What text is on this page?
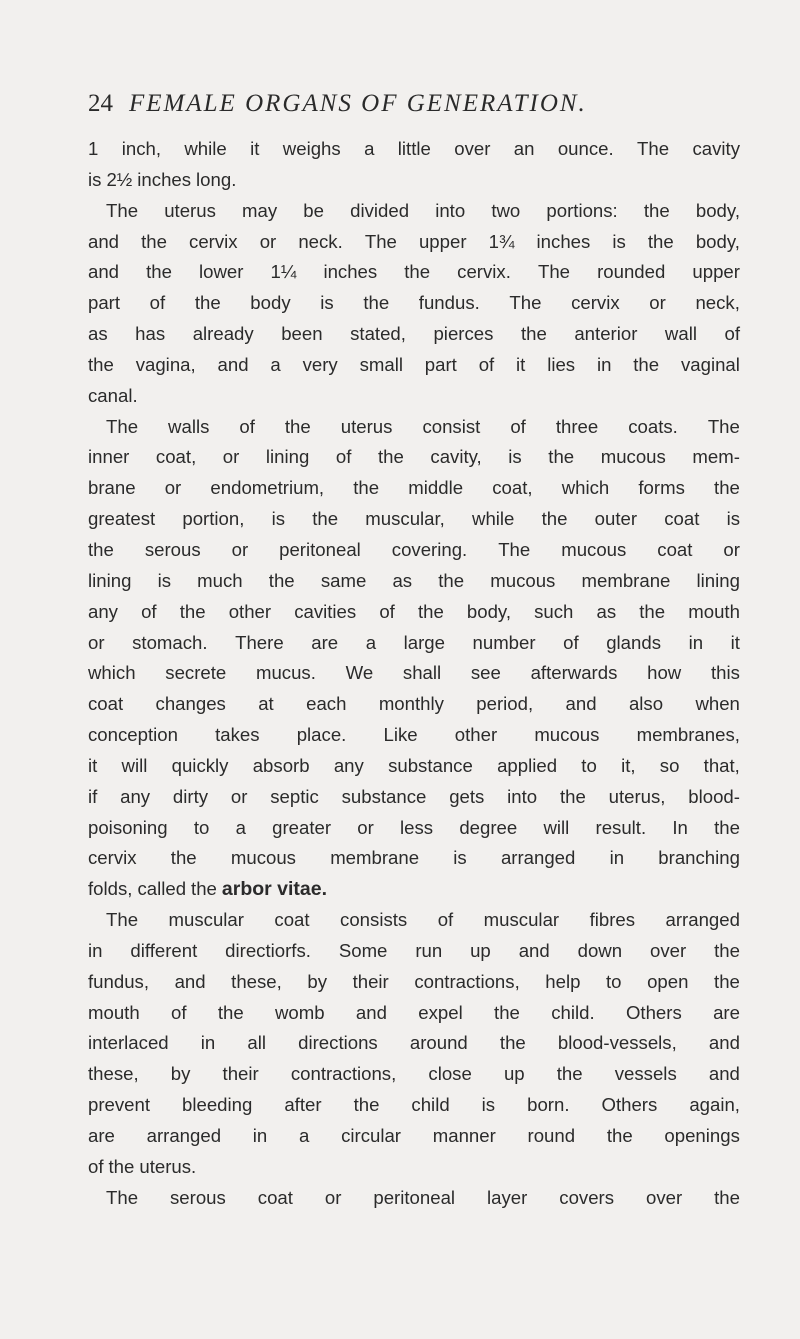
24 FEMALE ORGANS OF GENERATION.
1 inch, while it weighs a little over an ounce. The cavity
is 2½ inches long.
The uterus may be divided into two portions: the body,
and the cervix or neck. The upper 1¾ inches is the body,
and the lower 1¼ inches the cervix. The rounded upper
part of the body is the fundus. The cervix or neck,
as has already been stated, pierces the anterior wall of
the vagina, and a very small part of it lies in the vaginal
canal.
The walls of the uterus consist of three coats. The
inner coat, or lining of the cavity, is the mucous mem-
brane or endometrium, the middle coat, which forms the
greatest portion, is the muscular, while the outer coat is
the serous or peritoneal covering. The mucous coat or
lining is much the same as the mucous membrane lining
any of the other cavities of the body, such as the mouth
or stomach. There are a large number of glands in it
which secrete mucus. We shall see afterwards how this
coat changes at each monthly period, and also when
conception takes place. Like other mucous membranes,
it will quickly absorb any substance applied to it, so that,
if any dirty or septic substance gets into the uterus, blood-
poisoning to a greater or less degree will result. In the
cervix the mucous membrane is arranged in branching
folds, called the arbor vitae.
The muscular coat consists of muscular fibres arranged
in different directiorfs. Some run up and down over the
fundus, and these, by their contractions, help to open the
mouth of the womb and expel the child. Others are
interlaced in all directions around the blood-vessels, and
these, by their contractions, close up the vessels and
prevent bleeding after the child is born. Others again,
are arranged in a circular manner round the openings
of the uterus.
The serous coat or peritoneal layer covers over the
